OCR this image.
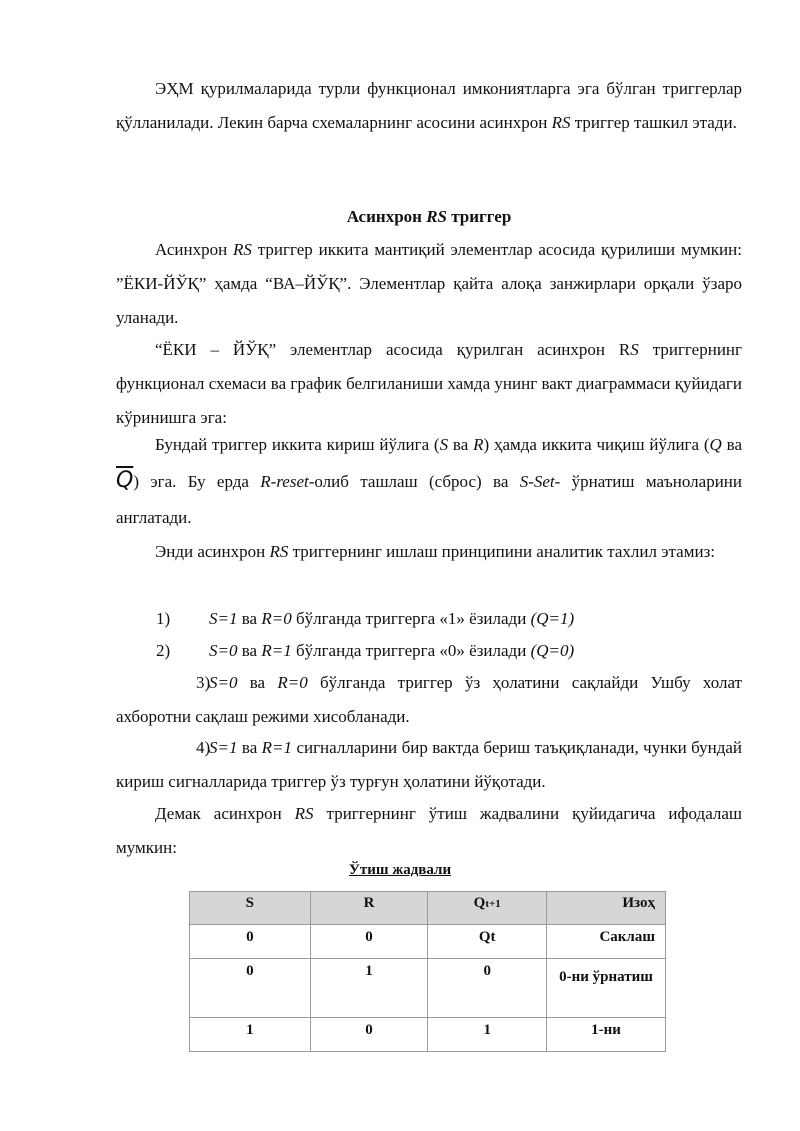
ЭҲМ қурилмаларида турли функционал имкониятларга эга бўлган триггерлар қўлланилади. Лекин барча схемаларнинг асосини асинхрон RS триггер ташкил этади.

Асинхрон RS триггер

Асинхрон RS триггер иккита мантиқий элементлар асосида қурилиши мумкин: ”ЁКИ-ЙЎҚ” ҳамда “ВА–ЙЎҚ”. Элементлар қайта алоқа занжирлари орқали ўзаро уланади.

“ЁКИ – ЙЎҚ” элементлар асосида қурилган асинхрон RS триггернинг функционал схемаси ва график белгиланиши хамда унинг вакт диаграммаси қуйидаги кўринишга эга:

Бундай триггер иккита кириш йўлига (S ва R) ҳамда иккита чиқиш йўлига (Q ва $\overline{Q}$) эга. Бу ерда R-reset-олиб ташлаш (сброс) ва S-Set- ўрнатиш маъноларини англатади.

Энди асинхрон RS триггернинг ишлаш принципини аналитик тахлил этамиз:

1) S=1 ва R=0 бўлганда триггерга «1» ёзилади (Q=1)

2) S=0 ва R=1 бўлганда триггерга «0» ёзилади (Q=0)

3)S=0 ва R=0 бўлганда триггер ўз ҳолатини сақлайди Ушбу холат ахборотни сақлаш режими хисобланади.

4)S=1 ва R=1 сигналларини бир вактда бериш таъқиқланади, чунки бундай кириш сигналларида триггер ўз турғун ҳолатини йўқотади.

Демак асинхрон RS триггернинг ўтиш жадвалини қуйидагича ифодалаш мумкин:

Ўтиш жадвали
S	R	Qt+1	Изоҳ
0	0	Qt	Саклаш
0	1	0	0-ни ўрнатиш
1	0	1	1-ни
